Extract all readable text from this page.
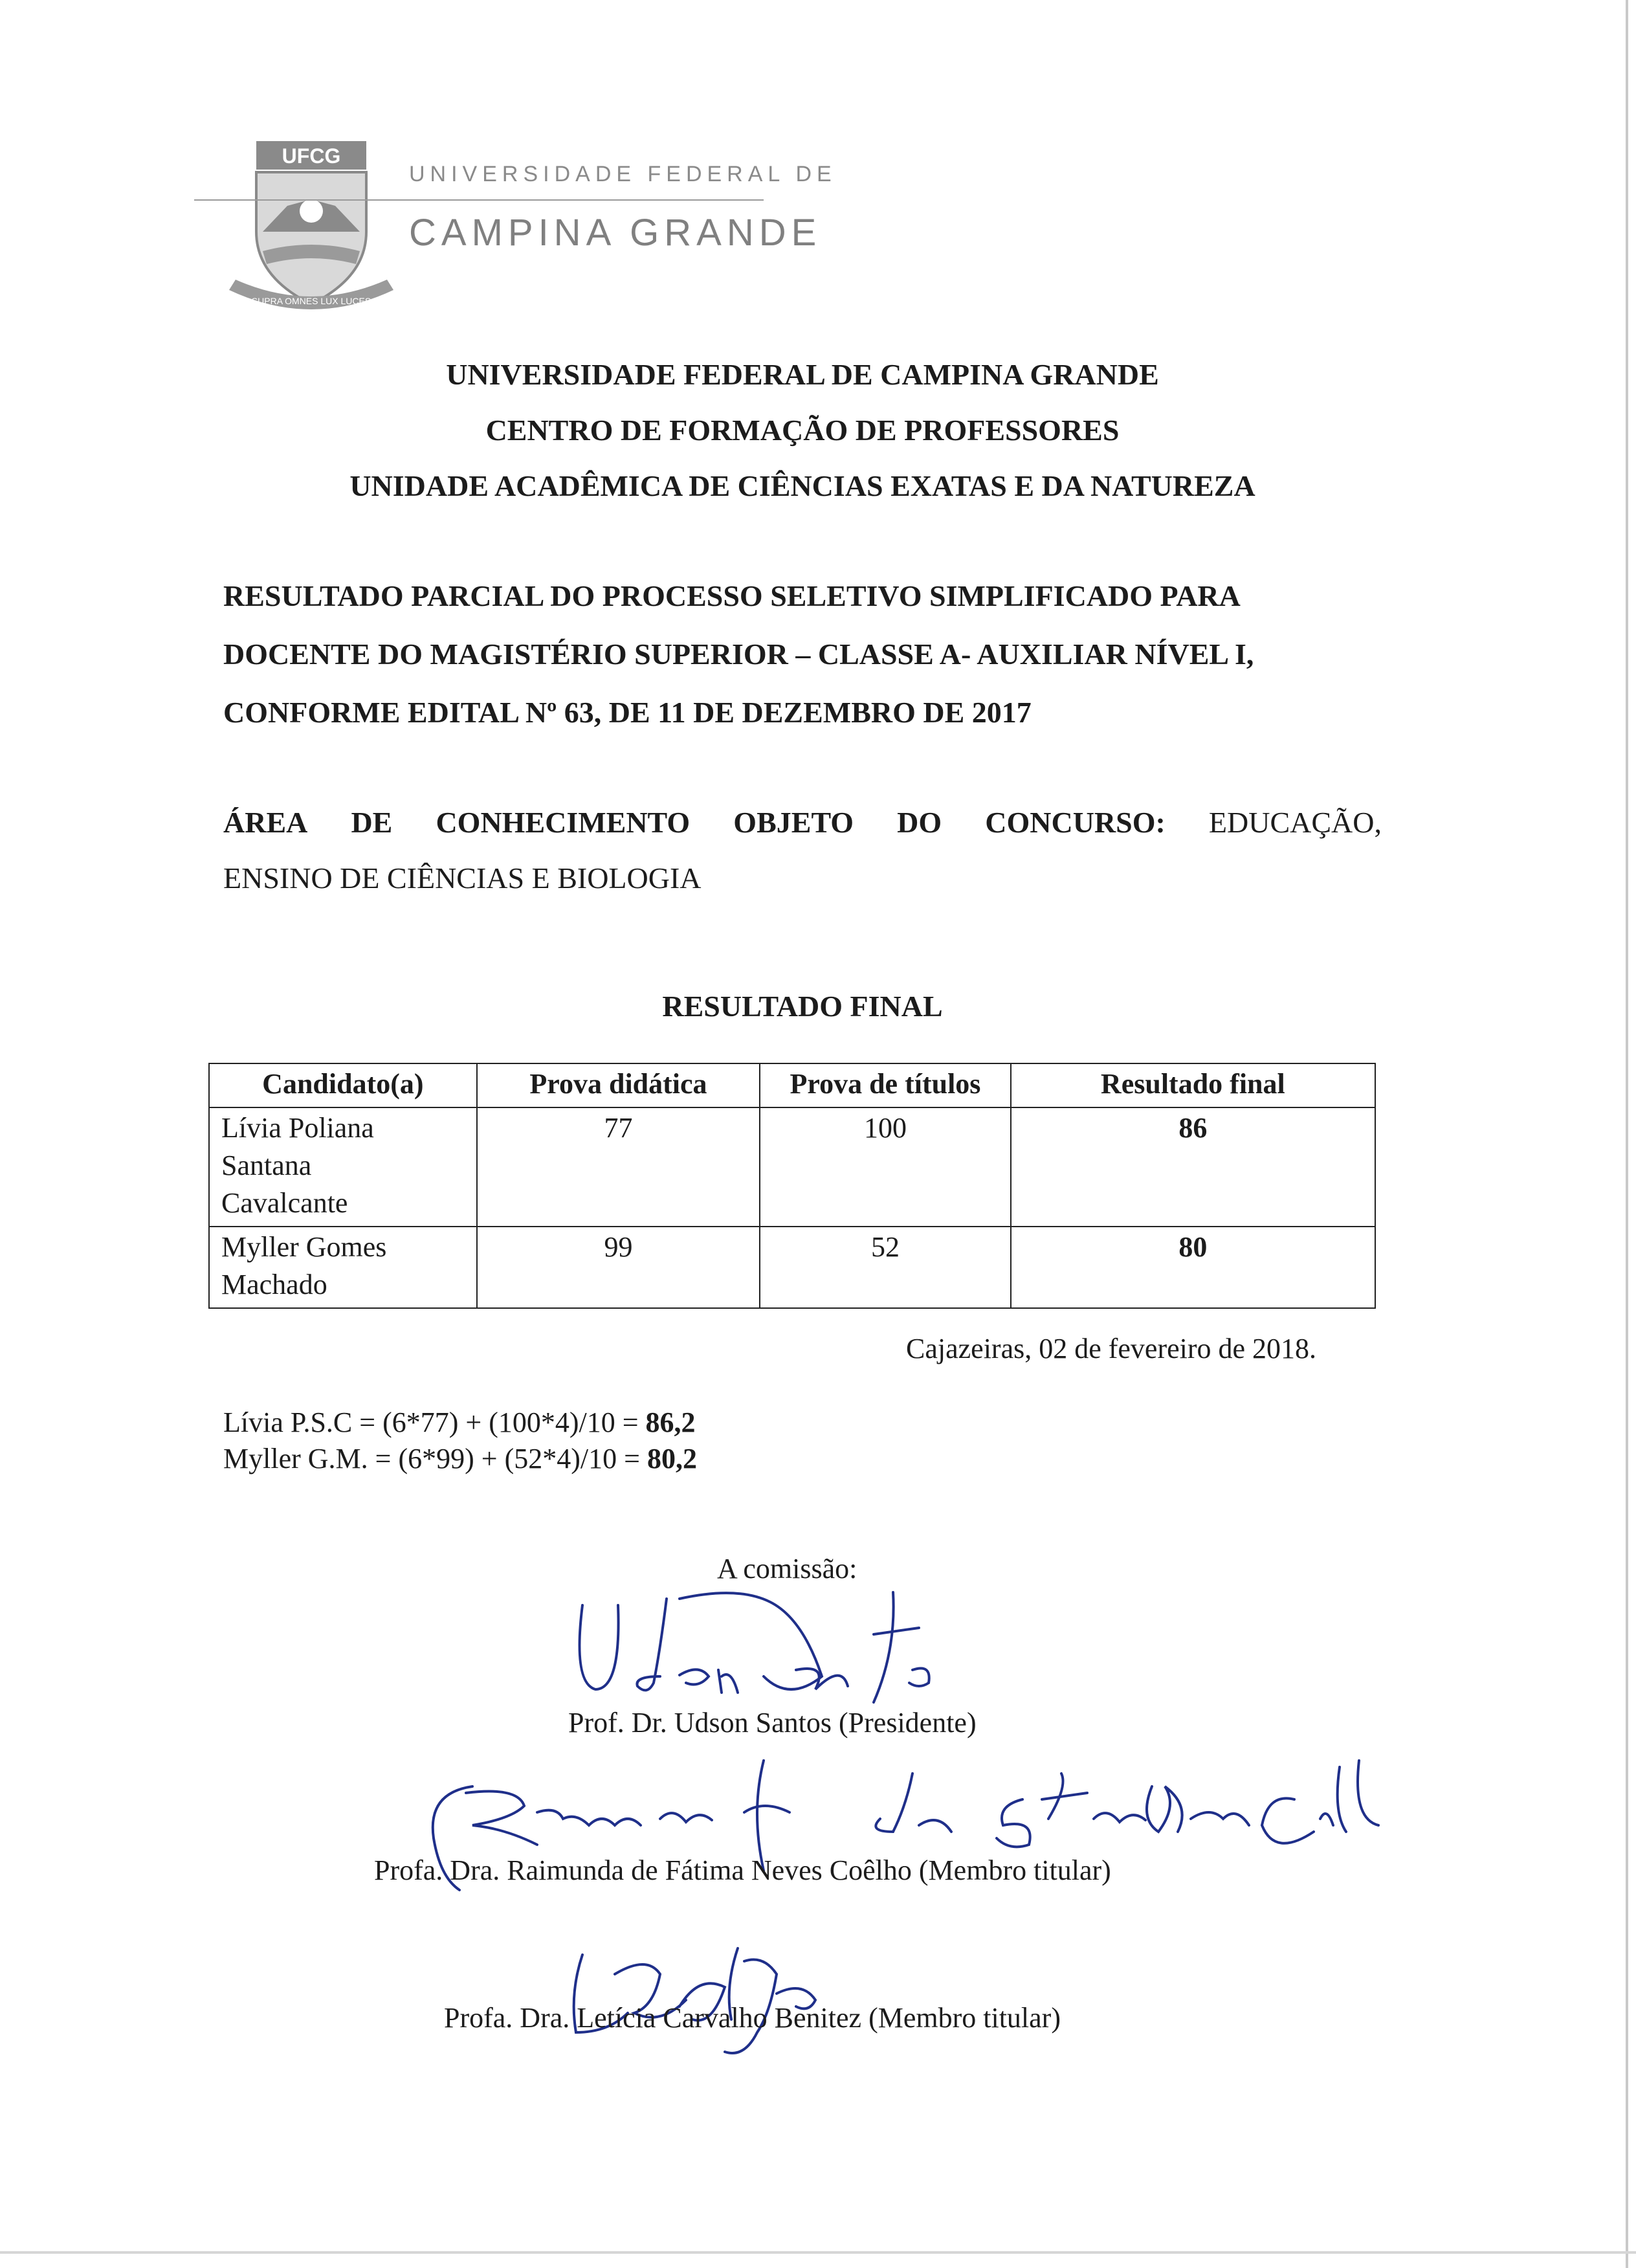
UFCG
SUPRA OMNES LUX LUCES
UNIVERSIDADE FEDERAL DE
CAMPINA GRANDE
UNIVERSIDADE FEDERAL DE CAMPINA GRANDE
CENTRO DE FORMAÇÃO DE PROFESSORES
UNIDADE ACADÊMICA DE CIÊNCIAS EXATAS E DA NATUREZA
RESULTADO PARCIAL DO PROCESSO SELETIVO SIMPLIFICADO PARA
DOCENTE DO MAGISTÉRIO SUPERIOR – CLASSE A- AUXILIAR NÍVEL I,
CONFORME EDITAL Nº 63, DE 11 DE DEZEMBRO DE 2017
ÁREA DE CONHECIMENTO OBJETO DO CONCURSO: EDUCAÇÃO,
ENSINO DE CIÊNCIAS E BIOLOGIA
RESULTADO FINAL
Candidato(a)	Prova didática	Prova de títulos	Resultado final

Lívia Poliana
Santana
Cavalcante	77	100	86

Myller Gomes
Machado	99	52	80
Cajazeiras, 02 de fevereiro de 2018.
Lívia P.S.C = (6*77) + (100*4)/10 = 86,2
Myller G.M. = (6*99) + (52*4)/10 = 80,2
A comissão:
Prof. Dr. Udson Santos (Presidente)
Profa. Dra. Raimunda de Fátima Neves Coêlho (Membro titular)
Profa. Dra. Letícia Carvalho Benitez (Membro titular)
